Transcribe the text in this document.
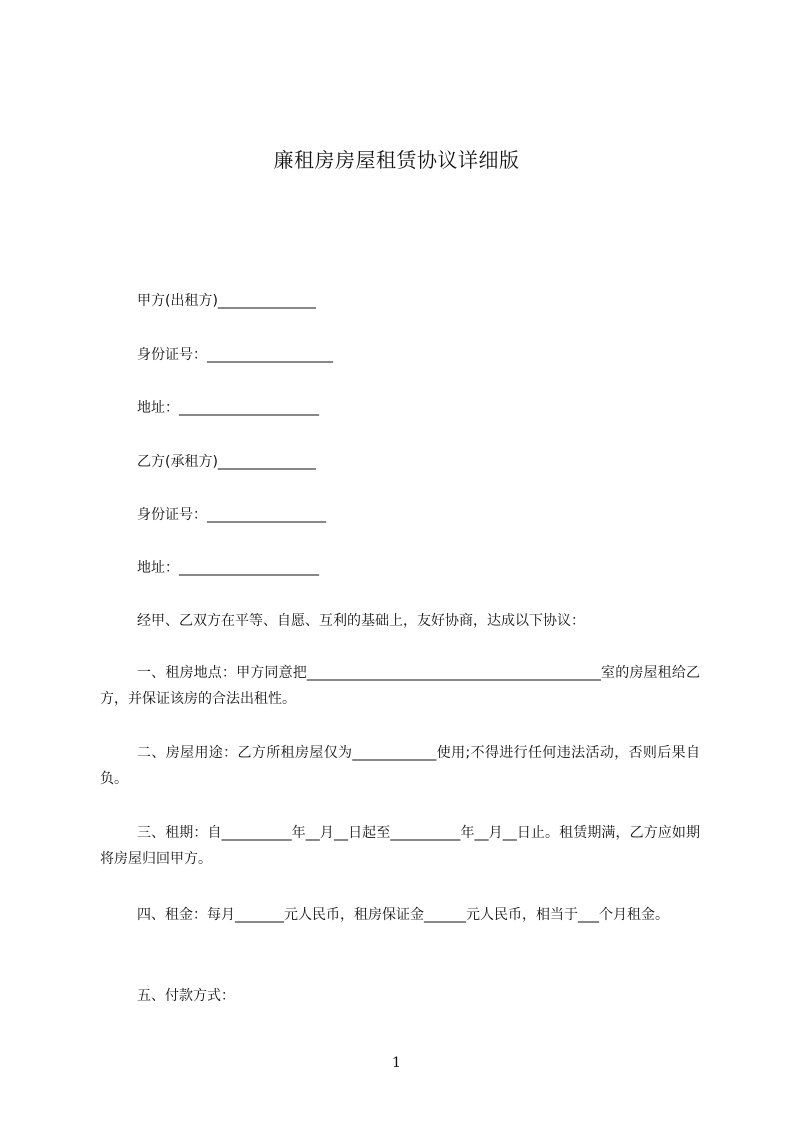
廉租房房屋租赁协议详细版
甲方(出租方)______________
身份证号：__________________
地址：____________________
乙方(承租方)______________
身份证号：_________________
地址：____________________
经甲、乙双方在平等、自愿、互利的基础上，友好协商，达成以下协议：
一、租房地点：甲方同意把__________________________________________室的房屋租给乙方，并保证该房的合法出租性。
二、房屋用途：乙方所租房屋仅为____________使用;不得进行任何违法活动，否则后果自负。
三、租期：自__________年__月__日起至__________年__月__日止。租赁期满，乙方应如期将房屋归回甲方。
四、租金：每月_______元人民币，租房保证金______元人民币，相当于___个月租金。
五、付款方式：
1
